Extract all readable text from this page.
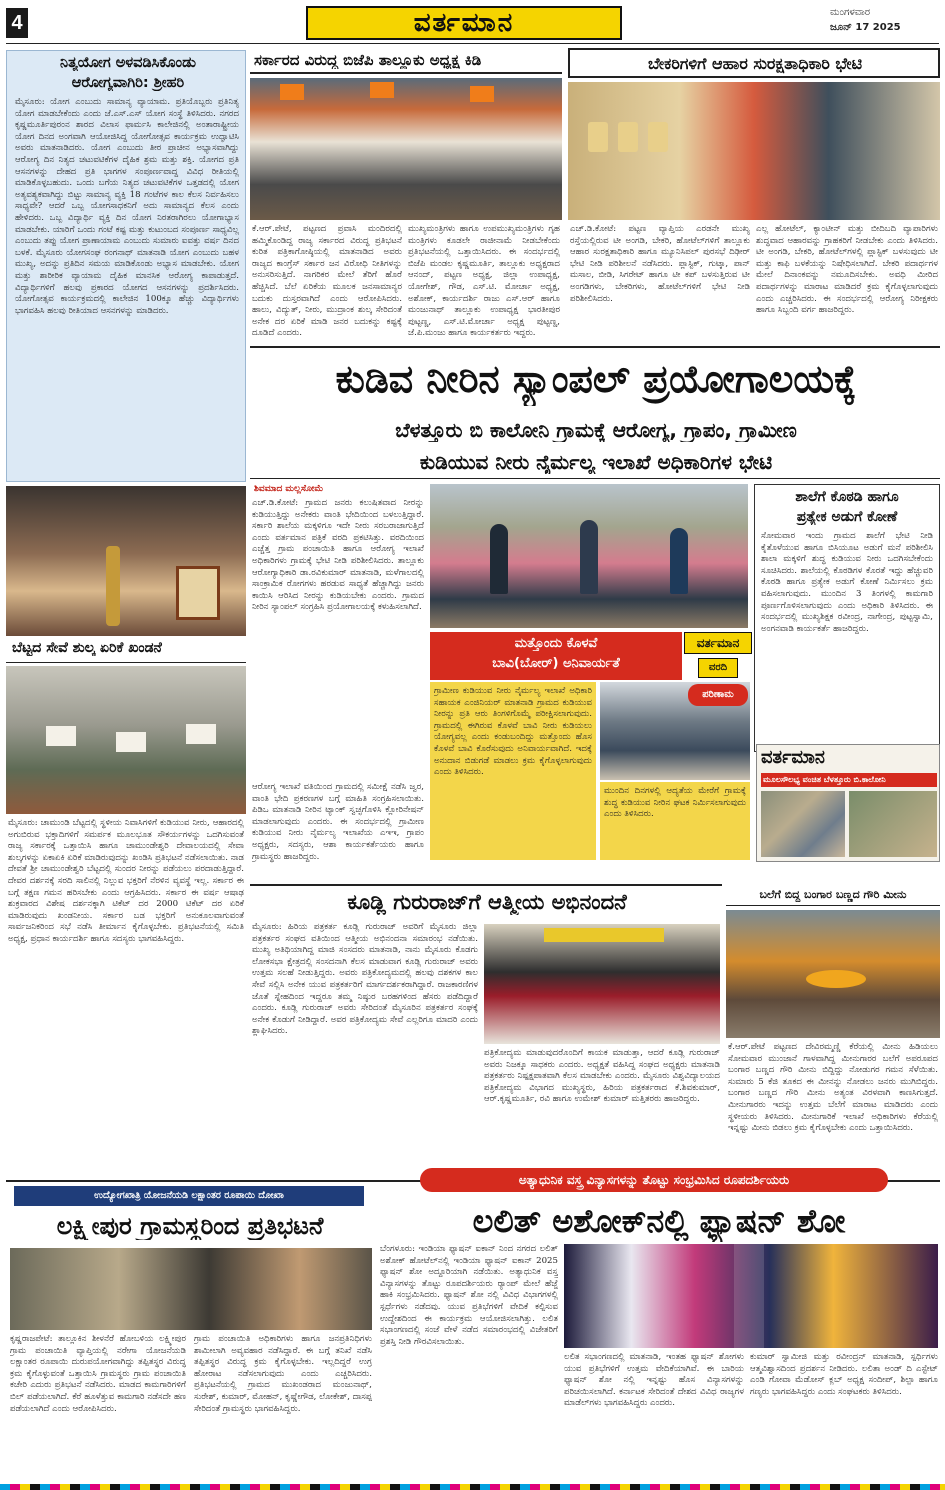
4	ವರ್ತಮಾನ	ಮಂಗಳವಾರ
ಜೂನ್ 17 2025
ನಿತ್ಯಯೋಗ ಅಳವಡಿಸಿಕೊಂಡು
ಆರೋಗ್ಯವಾಗಿರಿ: ಶ್ರೀಹರಿ
ಮೈಸೂರು: ಯೋಗ ಎಂಬುದು ಸಾಮಾನ್ಯ ವ್ಯಾಯಾಮ. ಪ್ರತಿಯೊಬ್ಬರು ಪ್ರತಿನಿತ್ಯ ಯೋಗ ಮಾಡಬೇಕೆಂದು ಎಂದು ಜೆ.ಎಸ್.ಎಸ್ ಯೋಗ ಸಂಸ್ಥೆ ತಿಳಿಸಿದರು. ನಗರದ ಕೃಷ್ಣಮೂರ್ತಿಪುರಂನ ಶಾರದ ವಿಲಾಸ ಫಾರ್ಮಸಿ ಕಾಲೇಜಿನಲ್ಲಿ ಅಂತಾರಾಷ್ಟ್ರೀಯ ಯೋಗ ದಿನದ ಅಂಗವಾಗಿ ಆಯೋಜಿಸಿದ್ದ ಯೋಗೋತ್ಸವ ಕಾರ್ಯಕ್ರಮ ಉದ್ಘಾಟಿಸಿ ಅವರು ಮಾತನಾಡಿದರು. ಯೋಗ ಎಂಬುದು ತೀರ ಪ್ರಾಚೀನ ಅಭ್ಯಾಸವಾಗಿದ್ದು ಆರೋಗ್ಯ ದಿನ ನಿತ್ಯದ ಚಟುವಟಿಕೆಗಳ ದೈಹಿಕ ಶ್ರಮ ಮತ್ತು ಶಕ್ತಿ. ಯೋಗದ ಪ್ರತಿ ಆಸನಗಳನ್ನು ದೇಹದ ಪ್ರತಿ ಭಾಗಗಳ ಸಂಪೂರ್ಣವಾದ್ದ ವಿವಿಧ ರೀತಿಯಲ್ಲಿ ಮಾಡಿಕೊಳ್ಳಬಹುದು. ಒಂದು ಬಗೆಯ ನಿತ್ಯದ ಚಟುವಟಿಕೆಗಳ ಒತ್ತಡದಲ್ಲಿ ಯೋಗ ಅತ್ಯವಶ್ಯಕವಾಗಿದ್ದು ಬಿಟ್ಟು ಸಾಮಾನ್ಯ ವ್ಯಕ್ತಿ 18 ಗಂಟೆಗಳ ಕಾಲ ಕೆಲಸ ನಿರ್ವಹಿಸಲು ಸಾಧ್ಯವೇ? ಆದರೆ ಒಬ್ಬ ಯೋಗಸಾಧಕನಿಗೆ ಅದು ಸಾಮಾನ್ಯದ ಕೆಲಸ ಎಂದು ಹೇಳಿದರು. ಒಬ್ಬ ವಿದ್ಯಾರ್ಥಿ ವ್ಯಕ್ತಿ ದಿನ ಯೋಗ ನಿರತರಾಗಿರಲು ಯೋಗಾಭ್ಯಾಸ ಮಾಡಬೇಕು. ಯಾರಿಗೆ ಒಂದು ಗಂಟೆ ಕಷ್ಟ ಮತ್ತು ಕುಟುಂಬದ ಸಂಪೂರ್ಣ ಸಾಧ್ಯವಿಲ್ಲ ಎಂಬುದು ತಪ್ಪು ಯೋಗ ಪ್ರಾಣಾಯಾಮ ಎಂಬುದು ಸುಮಾರು ಐವತ್ತು ವರ್ಷ ದಿನದ ಬಳಕೆ. ಮೈಸೂರು ಯೋಗಸಂಘ ರಂಗನಾಥ್ ಮಾತನಾಡಿ ಯೋಗ ಎಂಬುದು ಬಹಳ ಮುಖ್ಯ, ಅದನ್ನು ಪ್ರತಿದಿನ ಸಮಯ ಮಾಡಿಕೊಂಡು ಅಭ್ಯಾಸ ಮಾಡಬೇಕು. ಯೋಗ ಮತ್ತು ಶಾರೀರಿಕ ವ್ಯಾಯಾಮ ದೈಹಿಕ ಮಾನಸಿಕ ಆರೋಗ್ಯ ಕಾಪಾಡುತ್ತದೆ. ವಿದ್ಯಾರ್ಥಿಗಳಿಗೆ ಹಲವು ಪ್ರಕಾರದ ಯೋಗದ ಆಸನಗಳನ್ನು ಪ್ರದರ್ಶಿಸಿದರು. ಯೋಗೋತ್ಸವ ಕಾರ್ಯಕ್ರಮದಲ್ಲಿ ಕಾಲೇಜಿನ 100ಕ್ಕೂ ಹೆಚ್ಚು ವಿದ್ಯಾರ್ಥಿಗಳು ಭಾಗವಹಿಸಿ ಹಲವು ರೀತಿಯಾದ ಆಸನಗಳನ್ನು ಮಾಡಿದರು.
ಬೆಟ್ಟದ ಸೇವೆ ಶುಲ್ಕ ಏರಿಕೆ ಖಂಡನೆ
ಮೈಸೂರು: ಚಾಮುಂಡಿ ಬೆಟ್ಟದಲ್ಲಿ ಸ್ಥಳೀಯ ನಿವಾಸಿಗಳಿಗೆ ಕುಡಿಯುವ ನೀರು, ಆಹಾರದಲ್ಲಿ ಅಗುಬಿರುವ ಭಕ್ತಾದಿಗಳಿಗೆ ಸಮರ್ಪಕ ಮೂಲಭೂತ ಸೌಕರ್ಯಗಳನ್ನು ಒದಗಿಸುವಂತೆ ರಾಜ್ಯ ಸರ್ಕಾರಕ್ಕೆ ಒತ್ತಾಯಿಸಿ ಹಾಗೂ ಚಾಮುಂಡೇಶ್ವರಿ ದೇವಾಲಯದಲ್ಲಿ ಸೇವಾ ಶುಲ್ಕಗಳನ್ನು ಏಕಾಏಕಿ ಏರಿಕೆ ಮಾಡಿರುವುದನ್ನು ಖಂಡಿಸಿ ಪ್ರತಿಭಟನೆ ನಡೆಸಲಾಯಿತು. ನಾಡ ದೇವತೆ ಶ್ರೀ ಚಾಮುಂಡೇಶ್ವರಿ ಬೆಟ್ಟದಲ್ಲಿ ಸುಂದರ ನೀರನ್ನು ಪಡೆಯಲು ಪರದಾಡುತ್ತಿದ್ದಾರೆ. ದೇವರ ದರ್ಶನಕ್ಕೆ ಸರದಿ ಸಾಲಿನಲ್ಲಿ ನಿಲ್ಲುವ ಭಕ್ತರಿಗೆ ನೆರಳಿನ ವ್ಯವಸ್ಥೆ ಇಲ್ಲ. ಸರ್ಕಾರ ಈ ಬಗ್ಗೆ ತಕ್ಷಣ ಗಮನ ಹರಿಸಬೇಕು ಎಂದು ಆಗ್ರಹಿಸಿದರು. ಸರ್ಕಾರ ಈ ವರ್ಷ ಆಷಾಢ ಶುಕ್ರವಾರದ ವಿಶೇಷ ದರ್ಶನಕ್ಕಾಗಿ ಟಿಕೆಟ್ ದರ 2000 ಟಿಕೆಟ್ ದರ ಏರಿಕೆ ಮಾಡಿರುವುದು ಖಂಡನೀಯ. ಸರ್ಕಾರ ಬಡ ಭಕ್ತರಿಗೆ ಅನುಕೂಲವಾಗುವಂತೆ ಸಾರ್ವಜನಿಕರಿಂದ ಸಭೆ ನಡೆಸಿ ತೀರ್ಮಾನ ಕೈಗೊಳ್ಳಬೇಕು. ಪ್ರತಿಭಟನೆಯಲ್ಲಿ ಸಮಿತಿ ಅಧ್ಯಕ್ಷ, ಪ್ರಧಾನ ಕಾರ್ಯದರ್ಶಿ ಹಾಗೂ ಸದಸ್ಯರು ಭಾಗವಹಿಸಿದ್ದರು.
ಸರ್ಕಾರದ ವಿರುದ್ಧ ಬಿಜೆಪಿ ತಾಲ್ಲೂಕು ಅಧ್ಯಕ್ಷ ಕಿಡಿ
ಕೆ.ಆರ್.ಪೇಟೆ, ಪಟ್ಟಣದ ಪ್ರವಾಸಿ ಮಂದಿರದಲ್ಲಿ ಹಮ್ಮಿಕೊಂಡಿದ್ದ ರಾಜ್ಯ ಸರ್ಕಾರದ ವಿರುದ್ಧ ಪ್ರತಿಭಟನೆ ಕುರಿತ ಪತ್ರಿಕಾಗೋಷ್ಠಿಯಲ್ಲಿ ಮಾತನಾಡಿದ ಅವರು ರಾಜ್ಯದ ಕಾಂಗ್ರೆಸ್ ಸರ್ಕಾರ ಜನ ವಿರೋಧಿ ನೀತಿಗಳನ್ನು ಅನುಸರಿಸುತ್ತಿದೆ. ನಾಗರಿಕರ ಮೇಲೆ ತೆರಿಗೆ ಹೊರೆ ಹೆಚ್ಚಿಸಿದೆ. ಬೆಲೆ ಏರಿಕೆಯ ಮೂಲಕ ಜನಸಾಮಾನ್ಯರ ಬದುಕು ದುಸ್ತರವಾಗಿದೆ ಎಂದು ಆರೋಪಿಸಿದರು. ಹಾಲು, ವಿದ್ಯುತ್, ನೀರು, ಮುದ್ರಾಂಕ ಶುಲ್ಕ ಸೇರಿದಂತೆ ಅನೇಕ ದರ ಏರಿಕೆ ಮಾಡಿ ಜನರ ಬದುಕನ್ನು ಕಷ್ಟಕ್ಕೆ ದೂಡಿದೆ ಎಂದರು.
ಮುಖ್ಯಮಂತ್ರಿಗಳು ಹಾಗೂ ಉಪಮುಖ್ಯಮಂತ್ರಿಗಳು ಗೃಹ ಮಂತ್ರಿಗಳು ಕೂಡಲೇ ರಾಜೀನಾಮೆ ನೀಡಬೇಕೆಂದು ಪ್ರತಿಭಟನೆಯಲ್ಲಿ ಒತ್ತಾಯಿಸಿದರು. ಈ ಸಂದರ್ಭದಲ್ಲಿ ಬಿಜೆಪಿ ಮಂಡಲ ಕೃಷ್ಣಮೂರ್ತಿ, ತಾಲ್ಲೂಕು ಅಧ್ಯಕ್ಷರಾದ ಆನಂದ್, ಪಟ್ಟಣ ಅಧ್ಯಕ್ಷ, ಜಿಲ್ಲಾ ಉಪಾಧ್ಯಕ್ಷ, ಯೋಗೇಶ್, ಗೌಡ, ಎಸ್.ಟಿ. ಮೋರ್ಚಾ ಅಧ್ಯಕ್ಷ, ಅಶೋಕ್, ಕಾರ್ಯದರ್ಶಿ ರಾಜು ಎಸ್.ಆರ್ ಹಾಗೂ ಮಂಜುನಾಥ್ ತಾಲ್ಲೂಕು ಉಪಾಧ್ಯಕ್ಷ ಭಾರತೀಪುರ ಪುಟ್ಟಣ್ಣ, ಎಸ್.ಟಿ.ಮೋರ್ಚಾ ಅಧ್ಯಕ್ಷ ಪುಟ್ಟಣ್ಣ, ಜೆ.ಪಿ.ಮಂಜು ಹಾಗೂ ಕಾರ್ಯಕರ್ತರು ಇದ್ದರು.
ಬೇಕರಿಗಳಿಗೆ ಆಹಾರ ಸುರಕ್ಷತಾಧಿಕಾರಿ ಭೇಟಿ
ಎಚ್.ಡಿ.ಕೋಟೆ: ಪಟ್ಟಣ ವ್ಯಾಪ್ತಿಯ ಎರಡನೇ ಮುಖ್ಯ ರಸ್ತೆಯಲ್ಲಿರುವ ಟೀ ಅಂಗಡಿ, ಬೇಕರಿ, ಹೋಟೆಲ್‌ಗಳಿಗೆ ತಾಲ್ಲೂಕು ಆಹಾರ ಸುರಕ್ಷತಾಧಿಕಾರಿ ಹಾಗೂ ಮ್ಯೂನಿಸಿಪಲ್ ಪುರಸಭೆ ದಿಢೀರ್ ಭೇಟಿ ನೀಡಿ ಪರಿಶೀಲನೆ ನಡೆಸಿದರು. ಪ್ಲಾಸ್ಟಿಕ್, ಗುಟ್ಕಾ, ಪಾನ್ ಮಸಾಲ, ಬೀಡಿ, ಸಿಗರೇಟ್ ಹಾಗೂ ಟೀ ಕಪ್ ಬಳಸುತ್ತಿರುವ ಟೀ ಅಂಗಡಿಗಳು, ಬೇಕರಿಗಳು, ಹೋಟೆಲ್‌ಗಳಿಗೆ ಭೇಟಿ ನೀಡಿ ಪರಿಶೀಲಿಸಿದರು.
ಎಲ್ಲ ಹೋಟೆಲ್, ಕ್ಯಾಂಟೀನ್ ಮತ್ತು ಬೀದಿಬದಿ ವ್ಯಾಪಾರಿಗಳು ಶುದ್ಧವಾದ ಆಹಾರವನ್ನು ಗ್ರಾಹಕರಿಗೆ ನೀಡಬೇಕು ಎಂದು ತಿಳಿಸಿದರು. ಟೀ ಅಂಗಡಿ, ಬೇಕರಿ, ಹೋಟೆಲ್‌ಗಳಲ್ಲಿ ಪ್ಲಾಸ್ಟಿಕ್ ಬಳಸುವುದು ಟೀ ಮತ್ತು ಕಾಫಿ ಬಳಕೆಯನ್ನು ನಿಷೇಧಿಸಲಾಗಿದೆ. ಬೇಕರಿ ಪದಾರ್ಥಗಳ ಮೇಲೆ ದಿನಾಂಕವನ್ನು ನಮೂದಿಸಬೇಕು. ಅವಧಿ ಮೀರಿದ ಪದಾರ್ಥಗಳನ್ನು ಮಾರಾಟ ಮಾಡಿದರೆ ಕ್ರಮ ಕೈಗೊಳ್ಳಲಾಗುವುದು ಎಂದು ಎಚ್ಚರಿಸಿದರು. ಈ ಸಂದರ್ಭದಲ್ಲಿ ಆರೋಗ್ಯ ನಿರೀಕ್ಷಕರು ಹಾಗೂ ಸಿಬ್ಬಂದಿ ವರ್ಗ ಹಾಜರಿದ್ದರು.
ಕುಡಿವ ನೀರಿನ ಸ್ಯಾಂಪಲ್ ಪ್ರಯೋಗಾಲಯಕ್ಕೆ
ಬೆಳತ್ತೂರು ಬಿ ಕಾಲೋನಿ ಗ್ರಾಮಕ್ಕೆ ಆರೋಗ್ಯ, ಗ್ರಾಪಂ, ಗ್ರಾಮೀಣ
ಕುಡಿಯುವ ನೀರು ನೈರ್ಮಲ್ಯ ಇಲಾಖೆ ಅಧಿಕಾರಿಗಳ ಭೇಟಿ
ಶಿವಮಾದ ಮಲ್ಲಸೋಮೆ
ಎಚ್.ಡಿ.ಕೋಟೆ: ಗ್ರಾಮದ ಜನರು ಕಲುಷಿತವಾದ ನೀರನ್ನು ಕುಡಿಯುತ್ತಿದ್ದು ಅನೇಕರು ವಾಂತಿ ಭೇದಿಯಿಂದ ಬಳಲುತ್ತಿದ್ದಾರೆ. ಸರ್ಕಾರಿ ಶಾಲೆಯ ಮಕ್ಕಳಿಗೂ ಇದೇ ನೀರು ಸರಬರಾಜಾಗುತ್ತಿದೆ ಎಂದು ವರ್ತಮಾನ ಪತ್ರಿಕೆ ವರದಿ ಪ್ರಕಟಿಸಿತ್ತು. ವರದಿಯಿಂದ ಎಚ್ಚೆತ್ತ ಗ್ರಾಮ ಪಂಚಾಯಿತಿ ಹಾಗೂ ಆರೋಗ್ಯ ಇಲಾಖೆ ಅಧಿಕಾರಿಗಳು ಗ್ರಾಮಕ್ಕೆ ಭೇಟಿ ನೀಡಿ ಪರಿಶೀಲಿಸಿದರು. ತಾಲ್ಲೂಕು ಆರೋಗ್ಯಾಧಿಕಾರಿ ಡಾ.ರವಿಕುಮಾರ್ ಮಾತನಾಡಿ, ಮಳೆಗಾಲದಲ್ಲಿ ಸಾಂಕ್ರಾಮಿಕ ರೋಗಗಳು ಹರಡುವ ಸಾಧ್ಯತೆ ಹೆಚ್ಚಾಗಿದ್ದು ಜನರು ಕಾಯಿಸಿ ಆರಿಸಿದ ನೀರನ್ನು ಕುಡಿಯಬೇಕು ಎಂದರು. ಗ್ರಾಮದ ನೀರಿನ ಸ್ಯಾಂಪಲ್ ಸಂಗ್ರಹಿಸಿ ಪ್ರಯೋಗಾಲಯಕ್ಕೆ ಕಳುಹಿಸಲಾಗಿದೆ.
ಆರೋಗ್ಯ ಇಲಾಖೆ ವತಿಯಿಂದ ಗ್ರಾಮದಲ್ಲಿ ಸಮೀಕ್ಷೆ ನಡೆಸಿ ಜ್ವರ, ವಾಂತಿ ಭೇದಿ ಪ್ರಕರಣಗಳ ಬಗ್ಗೆ ಮಾಹಿತಿ ಸಂಗ್ರಹಿಸಲಾಯಿತು. ಪಿಡಿಒ ಮಾತನಾಡಿ ನೀರಿನ ಟ್ಯಾಂಕ್ ಸ್ವಚ್ಛಗೊಳಿಸಿ ಕ್ಲೋರಿನೇಷನ್ ಮಾಡಲಾಗುವುದು ಎಂದರು. ಈ ಸಂದರ್ಭದಲ್ಲಿ ಗ್ರಾಮೀಣ ಕುಡಿಯುವ ನೀರು ನೈರ್ಮಲ್ಯ ಇಲಾಖೆಯ ಎಇಇ, ಗ್ರಾಪಂ ಅಧ್ಯಕ್ಷರು, ಸದಸ್ಯರು, ಆಶಾ ಕಾರ್ಯಕರ್ತೆಯರು ಹಾಗೂ ಗ್ರಾಮಸ್ಥರು ಹಾಜರಿದ್ದರು.
ಶಾಲೆಗೆ ಕೊಠಡಿ ಹಾಗೂ
ಪ್ರತ್ಯೇಕ ಅಡುಗೆ ಕೋಣೆ
ಸೋಮವಾರ ಇಂದು ಗ್ರಾಮದ ಶಾಲೆಗೆ ಭೇಟಿ ನೀಡಿ ಕೈತೊಳೆಯುವ ಹಾಗೂ ಬಿಸಿಯೂಟ ಅಡುಗೆ ಮನೆ ಪರಿಶೀಲಿಸಿ ಶಾಲಾ ಮಕ್ಕಳಿಗೆ ಶುದ್ಧ ಕುಡಿಯುವ ನೀರು ಒದಗಿಸಬೇಕೆಂದು ಸೂಚಿಸಿದರು. ಶಾಲೆಯಲ್ಲಿ ಕೊಠಡಿಗಳ ಕೊರತೆ ಇದ್ದು ಹೆಚ್ಚುವರಿ ಕೊಠಡಿ ಹಾಗೂ ಪ್ರತ್ಯೇಕ ಅಡುಗೆ ಕೋಣೆ ನಿರ್ಮಿಸಲು ಕ್ರಮ ವಹಿಸಲಾಗುವುದು. ಮುಂದಿನ 3 ತಿಂಗಳಲ್ಲಿ ಕಾಮಗಾರಿ ಪೂರ್ಣಗೊಳಿಸಲಾಗುವುದು ಎಂದು ಅಧಿಕಾರಿ ತಿಳಿಸಿದರು. ಈ ಸಂದರ್ಭದಲ್ಲಿ ಮುಖ್ಯಶಿಕ್ಷಕ ರವೀಂದ್ರ, ನಾಗೇಂದ್ರ, ಪುಟ್ಟಸ್ವಾಮಿ, ಅಂಗನವಾಡಿ ಕಾರ್ಯಕರ್ತೆ ಹಾಜರಿದ್ದರು.
ಮತ್ತೊಂದು ಕೊಳವೆ
ಬಾವಿ(ಬೋರ್) ಅನಿವಾರ್ಯತೆ
ಗ್ರಾಮೀಣ ಕುಡಿಯುವ ನೀರು ನೈರ್ಮಲ್ಯ ಇಲಾಖೆ ಅಧಿಕಾರಿ ಸಹಾಯಕ ಎಂಜಿನಿಯರ್ ಮಾತನಾಡಿ ಗ್ರಾಮದ ಕುಡಿಯುವ ನೀರನ್ನು ಪ್ರತಿ ಆರು ತಿಂಗಳಿಗೊಮ್ಮೆ ಪರೀಕ್ಷಿಸಲಾಗುವುದು. ಗ್ರಾಮದಲ್ಲಿ ಈಗಿರುವ ಕೊಳವೆ ಬಾವಿ ನೀರು ಕುಡಿಯಲು ಯೋಗ್ಯವಲ್ಲ ಎಂದು ಕಂಡುಬಂದಿದ್ದು ಮತ್ತೊಂದು ಹೊಸ ಕೊಳವೆ ಬಾವಿ ಕೊರೆಸುವುದು ಅನಿವಾರ್ಯವಾಗಿದೆ. ಇದಕ್ಕೆ ಅನುದಾನ ಬಿಡುಗಡೆ ಮಾಡಲು ಕ್ರಮ ಕೈಗೊಳ್ಳಲಾಗುವುದು ಎಂದು ತಿಳಿಸಿದರು.
ಮುಂದಿನ ದಿನಗಳಲ್ಲಿ ಆದ್ಯತೆಯ ಮೇರೆಗೆ ಗ್ರಾಮಕ್ಕೆ ಶುದ್ಧ ಕುಡಿಯುವ ನೀರಿನ ಘಟಕ ನಿರ್ಮಿಸಲಾಗುವುದು ಎಂದು ತಿಳಿಸಿದರು.
ವರ್ತಮಾನ
ವರದಿ
ಪರಿಣಾಮ
ವರ್ತಮಾನ
ಮೂಲಸೌಲಭ್ಯ ವಂಚಿತ ಬೆಳತ್ತೂರು ಬಿ.ಕಾಲೋನಿ
ಕೂಡ್ಲಿ ಗುರುರಾಜ್‌ಗೆ ಆತ್ಮೀಯ ಅಭಿನಂದನೆ
ಮೈಸೂರು: ಹಿರಿಯ ಪತ್ರಕರ್ತ ಕೂಡ್ಲಿ ಗುರುರಾಜ್ ಅವರಿಗೆ ಮೈಸೂರು ಜಿಲ್ಲಾ ಪತ್ರಕರ್ತರ ಸಂಘದ ವತಿಯಿಂದ ಆತ್ಮೀಯ ಅಭಿನಂದನಾ ಸಮಾರಂಭ ನಡೆಯಿತು. ಮುಖ್ಯ ಅತಿಥಿಯಾಗಿದ್ದ ಮಾಜಿ ಸಂಸದರು ಮಾತನಾಡಿ, ನಾನು ಮೈಸೂರು ಕೊಡಗು ಲೋಕಸಭಾ ಕ್ಷೇತ್ರದಲ್ಲಿ ಸಂಸದನಾಗಿ ಕೆಲಸ ಮಾಡುವಾಗ ಕೂಡ್ಲಿ ಗುರುರಾಜ್ ಅವರು ಉತ್ತಮ ಸಲಹೆ ನೀಡುತ್ತಿದ್ದರು. ಅವರು ಪತ್ರಿಕೋದ್ಯಮದಲ್ಲಿ ಹಲವು ದಶಕಗಳ ಕಾಲ ಸೇವೆ ಸಲ್ಲಿಸಿ ಅನೇಕ ಯುವ ಪತ್ರಕರ್ತರಿಗೆ ಮಾರ್ಗದರ್ಶಕರಾಗಿದ್ದಾರೆ. ರಾಜಕಾರಣಿಗಳ ಜೊತೆ ಸ್ನೇಹದಿಂದ ಇದ್ದರೂ ತಮ್ಮ ನಿಷ್ಠುರ ಬರಹಗಳಿಂದ ಹೆಸರು ಪಡೆದಿದ್ದಾರೆ ಎಂದರು. ಕೂಡ್ಲಿ ಗುರುರಾಜ್ ಅವರು ಸೇರಿದಂತೆ ಮೈಸೂರಿನ ಪತ್ರಕರ್ತರ ಸಂಘಕ್ಕೆ ಅನೇಕ ಕೊಡುಗೆ ನೀಡಿದ್ದಾರೆ. ಅವರ ಪತ್ರಿಕೋದ್ಯಮ ಸೇವೆ ಎಲ್ಲರಿಗೂ ಮಾದರಿ ಎಂದು ಶ್ಲಾಘಿಸಿದರು.
ಪತ್ರಿಕೋದ್ಯಮ ಮಾಡುವುದರೊಂದಿಗೆ ಕಾಯಕ ಮಾಡುತ್ತಾ, ಆದರೆ ಕೂಡ್ಲಿ ಗುರುರಾಜ್ ಅವರು ನಿಜಕ್ಕೂ ಸಾಧಕರು ಎಂದರು. ಅಧ್ಯಕ್ಷತೆ ವಹಿಸಿದ್ದ ಸಂಘದ ಅಧ್ಯಕ್ಷರು ಮಾತನಾಡಿ ಪತ್ರಕರ್ತರು ನಿಷ್ಪಕ್ಷಪಾತವಾಗಿ ಕೆಲಸ ಮಾಡಬೇಕು ಎಂದರು. ಮೈಸೂರು ವಿಶ್ವವಿದ್ಯಾಲಯದ ಪತ್ರಿಕೋದ್ಯಮ ವಿಭಾಗದ ಮುಖ್ಯಸ್ಥರು, ಹಿರಿಯ ಪತ್ರಕರ್ತರಾದ ಕೆ.ಶಿವಕುಮಾರ್, ಆರ್.ಕೃಷ್ಣಮೂರ್ತಿ, ರವಿ ಹಾಗೂ ಉಮೇಶ್ ಕುಮಾರ್ ಮತ್ತಿತರರು ಹಾಜರಿದ್ದರು.
ಬಲೆಗೆ ಬಿದ್ದ ಬಂಗಾರ ಬಣ್ಣದ ಗೌರಿ ಮೀನು
ಕೆ.ಆರ್.ಪೇಟೆ ಪಟ್ಟಣದ ದೇವಿರಮ್ಮಣ್ಣಿ ಕೆರೆಯಲ್ಲಿ ಮೀನು ಹಿಡಿಯಲು ಸೋಮವಾರ ಮುಂಜಾನೆ ಗಾಳವಾಗಿದ್ದ ಮೀನುಗಾರರ ಬಲೆಗೆ ಅಪರೂಪದ ಬಂಗಾರ ಬಣ್ಣದ ಗೌರಿ ಮೀನು ಬಿದ್ದಿದ್ದು ನೋಡುಗರ ಗಮನ ಸೆಳೆಯಿತು. ಸುಮಾರು 5 ಕೆಜಿ ತೂಕದ ಈ ಮೀನನ್ನು ನೋಡಲು ಜನರು ಮುಗಿಬಿದ್ದರು. ಬಂಗಾರ ಬಣ್ಣದ ಗೌರಿ ಮೀನು ಅತ್ಯಂತ ವಿರಳವಾಗಿ ಕಾಣಸಿಗುತ್ತದೆ. ಮೀನುಗಾರರು ಇದನ್ನು ಉತ್ತಮ ಬೆಲೆಗೆ ಮಾರಾಟ ಮಾಡಿದರು ಎಂದು ಸ್ಥಳೀಯರು ತಿಳಿಸಿದರು. ಮೀನುಗಾರಿಕೆ ಇಲಾಖೆ ಅಧಿಕಾರಿಗಳು ಕೆರೆಯಲ್ಲಿ ಇನ್ನಷ್ಟು ಮೀನು ಬಿಡಲು ಕ್ರಮ ಕೈಗೊಳ್ಳಬೇಕು ಎಂದು ಒತ್ತಾಯಿಸಿದರು.
ಉದ್ಯೋಗಖಾತ್ರಿ ಯೋಜನೆಯಡಿ ಲಕ್ಷಾಂತರ ರೂಪಾಯಿ ದೋಖಾ
ಲಕ್ಷ್ಮೀಪುರ ಗ್ರಾಮಸ್ಥರಿಂದ ಪ್ರತಿಭಟನೆ
ಕೃಷ್ಣರಾಜಪೇಟೆ: ತಾಲ್ಲೂಕಿನ ಶೀಳನೆರೆ ಹೋಬಳಿಯ ಲಕ್ಷ್ಮೀಪುರ ಗ್ರಾಮ ಪಂಚಾಯಿತಿ ವ್ಯಾಪ್ತಿಯಲ್ಲಿ ನರೇಗಾ ಯೋಜನೆಯಡಿ ಲಕ್ಷಾಂತರ ರೂಪಾಯಿ ದುರುಪಯೋಗವಾಗಿದ್ದು ತಪ್ಪಿತಸ್ಥರ ವಿರುದ್ಧ ಕ್ರಮ ಕೈಗೊಳ್ಳುವಂತೆ ಒತ್ತಾಯಿಸಿ ಗ್ರಾಮಸ್ಥರು ಗ್ರಾಮ ಪಂಚಾಯಿತಿ ಕಚೇರಿ ಎದುರು ಪ್ರತಿಭಟನೆ ನಡೆಸಿದರು. ಮಾಡದ ಕಾಮಗಾರಿಗಳಿಗೆ ಬಿಲ್ ಪಡೆಯಲಾಗಿದೆ. ಕೆರೆ ಹೂಳೆತ್ತುವ ಕಾಮಗಾರಿ ನಡೆಸದೇ ಹಣ ಪಡೆಯಲಾಗಿದೆ ಎಂದು ಆರೋಪಿಸಿದರು.
ಗ್ರಾಮ ಪಂಚಾಯಿತಿ ಅಧಿಕಾರಿಗಳು ಹಾಗೂ ಜನಪ್ರತಿನಿಧಿಗಳು ಶಾಮೀಲಾಗಿ ಅವ್ಯವಹಾರ ನಡೆಸಿದ್ದಾರೆ. ಈ ಬಗ್ಗೆ ತನಿಖೆ ನಡೆಸಿ ತಪ್ಪಿತಸ್ಥರ ವಿರುದ್ಧ ಕ್ರಮ ಕೈಗೊಳ್ಳಬೇಕು. ಇಲ್ಲದಿದ್ದರೆ ಉಗ್ರ ಹೋರಾಟ ನಡೆಸಲಾಗುವುದು ಎಂದು ಎಚ್ಚರಿಸಿದರು. ಪ್ರತಿಭಟನೆಯಲ್ಲಿ ಗ್ರಾಮದ ಮುಖಂಡರಾದ ಮಂಜುನಾಥ್, ಸುರೇಶ್, ಕುಮಾರ್, ಮೋಹನ್, ಕೃಷ್ಣೇಗೌಡ, ಲೋಕೇಶ್, ದಾಸಪ್ಪ ಸೇರಿದಂತೆ ಗ್ರಾಮಸ್ಥರು ಭಾಗವಹಿಸಿದ್ದರು.
ಅತ್ಯಾಧುನಿಕ ವಸ್ತ್ರ ವಿನ್ಯಾಸಗಳನ್ನು ತೊಟ್ಟು ಸಂಭ್ರಮಿಸಿದ ರೂಪದರ್ಶಿಯರು
ಲಲಿತ್ ಅಶೋಕ್‌ನಲ್ಲಿ ಫ್ಯಾಷನ್ ಶೋ
ಬೆಂಗಳೂರು: ಇಂಡಿಯಾ ಫ್ಯಾಷನ್ ಐಕಾನ್ ನಿಂದ ನಗರದ ಲಲಿತ್ ಅಶೋಕ್ ಹೋಟೆಲ್‌ನಲ್ಲಿ ಇಂಡಿಯಾ ಫ್ಯಾಷನ್ ಐಕಾನ್ 2025 ಫ್ಯಾಷನ್ ಶೋ ಅದ್ದೂರಿಯಾಗಿ ನಡೆಯಿತು. ಅತ್ಯಾಧುನಿಕ ವಸ್ತ್ರ ವಿನ್ಯಾಸಗಳನ್ನು ತೊಟ್ಟು ರೂಪದರ್ಶಿಯರು ರ‍್ಯಾಂಪ್ ಮೇಲೆ ಹೆಜ್ಜೆ ಹಾಕಿ ಸಂಭ್ರಮಿಸಿದರು. ಫ್ಯಾಷನ್ ಶೋ ನಲ್ಲಿ ವಿವಿಧ ವಿಭಾಗಗಳಲ್ಲಿ ಸ್ಪರ್ಧೆಗಳು ನಡೆದವು. ಯುವ ಪ್ರತಿಭೆಗಳಿಗೆ ವೇದಿಕೆ ಕಲ್ಪಿಸುವ ಉದ್ದೇಶದಿಂದ ಈ ಕಾರ್ಯಕ್ರಮ ಆಯೋಜಿಸಲಾಗಿತ್ತು. ಲಲಿತ ಸಭಾಂಗಣದಲ್ಲಿ ಸಂಜೆ ವೇಳೆ ನಡೆದ ಸಮಾರಂಭದಲ್ಲಿ ವಿಜೇತರಿಗೆ ಪ್ರಶಸ್ತಿ ನೀಡಿ ಗೌರವಿಸಲಾಯಿತು.
ಲಲಿತ ಸಭಾಂಗಣದಲ್ಲಿ ಮಾತನಾಡಿ, ಇಂತಹ ಫ್ಯಾಷನ್ ಶೋಗಳು ಯುವ ಪ್ರತಿಭೆಗಳಿಗೆ ಉತ್ತಮ ವೇದಿಕೆಯಾಗಿವೆ. ಈ ಬಾರಿಯ ಫ್ಯಾಷನ್ ಶೋ ನಲ್ಲಿ ಇನ್ನಷ್ಟು ಹೊಸ ವಿನ್ಯಾಸಗಳನ್ನು ಪರಿಚಯಿಸಲಾಗಿದೆ. ಕರ್ನಾಟಕ ಸೇರಿದಂತೆ ದೇಶದ ವಿವಿಧ ರಾಜ್ಯಗಳ ಮಾಡೆಲ್‌ಗಳು ಭಾಗವಹಿಸಿದ್ದರು ಎಂದರು.
ಕುಮಾರ್ ಸ್ವಾಮೀಜಿ ಮತ್ತು ರವೀಂದ್ರನ್ ಮಾತನಾಡಿ, ಸ್ಪರ್ಧಿಗಳು ಆತ್ಮವಿಶ್ವಾಸದಿಂದ ಪ್ರದರ್ಶನ ನೀಡಿದರು. ಲಲಿತಾ ಅಂಡ್ ದಿ ಎಸ್ಟೇಟ್ ಎಂಡಿ ಗೋವಾ ಮೆಡೋಸ್ ಕ್ಲಬ್ ಅಧ್ಯಕ್ಷ ಸಂದೀಪ್, ಶಿಲ್ಪಾ ಹಾಗೂ ಗಣ್ಯರು ಭಾಗವಹಿಸಿದ್ದರು ಎಂದು ಸಂಘಟಕರು ತಿಳಿಸಿದರು.
